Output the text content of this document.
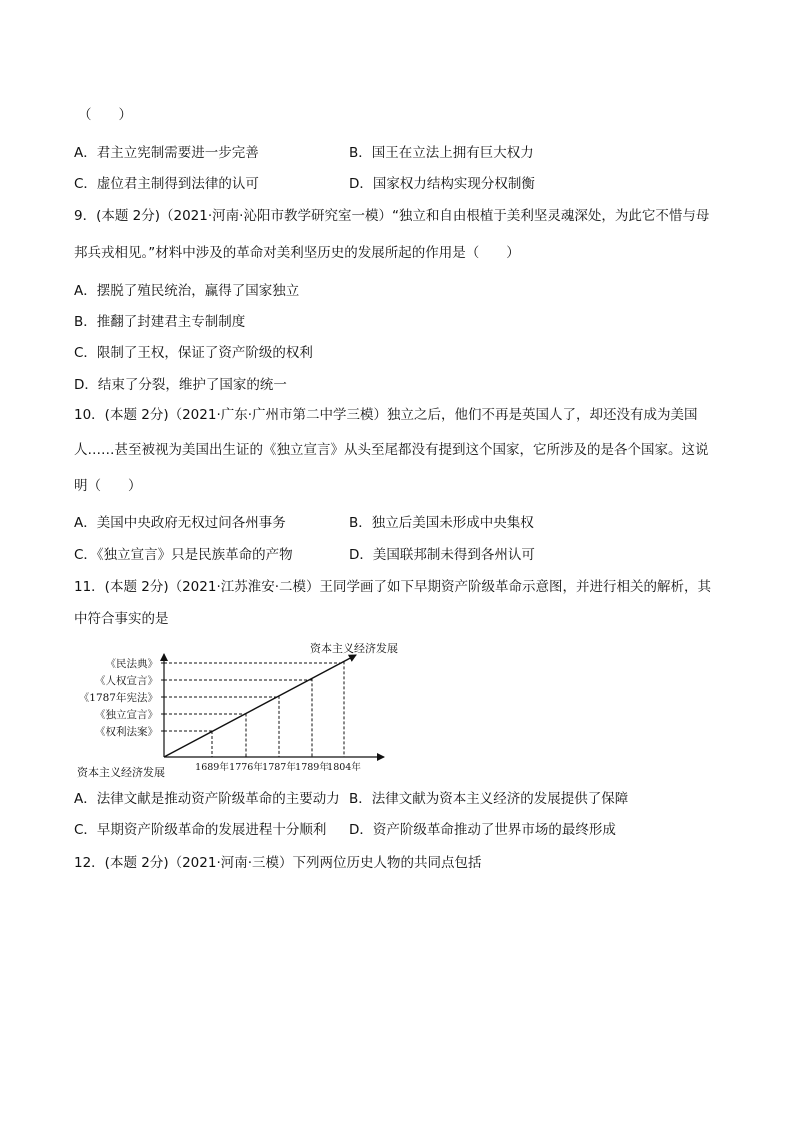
（　　）
A．君主立宪制需要进一步完善	B．国王在立法上拥有巨大权力
C．虚位君主制得到法律的认可	D．国家权力结构实现分权制衡
9．(本题 2分)（2021·河南·沁阳市教学研究室一模）“独立和自由根植于美利坚灵魂深处，为此它不惜与母
邦兵戎相见。”材料中涉及的革命对美利坚历史的发展所起的作用是（　　）
A．摆脱了殖民统治，赢得了国家独立
B．推翻了封建君主专制制度
C．限制了王权，保证了资产阶级的权利
D．结束了分裂，维护了国家的统一
10．(本题 2分)（2021·广东·广州市第二中学三模）独立之后，他们不再是英国人了，却还没有成为美国
人……甚至被视为美国出生证的《独立宣言》从头至尾都没有提到这个国家，它所涉及的是各个国家。这说
明（　　）
A．美国中央政府无权过问各州事务	B．独立后美国未形成中央集权
C．《独立宣言》只是民族革命的产物	D．美国联邦制未得到各州认可
11．(本题 2分)（2021·江苏淮安·二模）王同学画了如下早期资产阶级革命示意图，并进行相关的解析，其
中符合事实的是
《民法典》
《人权宣言》
《1787年宪法》
《独立宣言》
《权利法案》
1689年 1776年 1787年 1789年
1804年
资本主义经济发展
资本主义经济发展
A．法律文献是推动资产阶级革命的主要动力 B．法律文献为资本主义经济的发展提供了保障
C．早期资产阶级革命的发展进程十分顺利 D．资产阶级革命推动了世界市场的最终形成
12．(本题 2分)（2021·河南·三模）下列两位历史人物的共同点包括
